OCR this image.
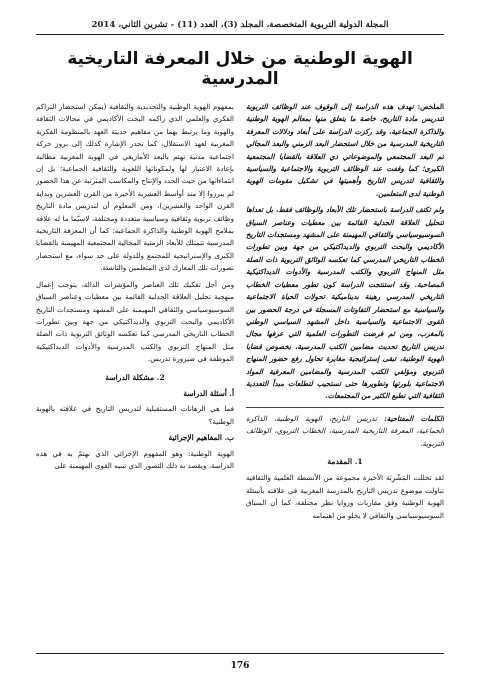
المجلة الدولية التربوية المتخصصة، المجلد (3)، العدد (11) - تشرين الثاني، 2014
الهوية الوطنية من خلال المعرفة التاريخية المدرسية

الملخص: تهدف هذه الدراسة إلى الوقوف عند الوظائف التربوية لتدريس مادة التاريخ، خاصة ما يتعلق منها بمعالم الهوية الوطنية والذاكرة الجماعية، وقد ركزت الدراسة على أبعاد ودلالات المعرفة التاريخية المدرسية من خلال استحضار البعد الزمني والبعد المجالي ثم البعد المجتمعي والموضوعاتي ذي العلاقة بالقضايا المجتمعية الكبرى؛ كما وقفت عند الوظائف التربوية والاجتماعية والسياسية والثقافية لتدريس التاريخ وأهميتها في تشكيل مقومات الهوية الوطنية لدى المتعلمين.

ولم تكتف الدراسة باستحضار تلك الأبعاد والوظائف فقط، بل تعداها لتحليل العلاقة الجدلية القائمة بين معطيات وعناصر السياق السوسيوسياسي والثقافي المهيمنة على المشهد ومستجدات التاريخ الأكاديمي والبحث التربوي والديداكتيكي من جهة وبين تطورات الخطاب التاريخي المدرسي كما تعكسه الوثائق التربوية ذات الصلة مثل المنهاج التربوي والكتب المدرسية والأدوات الديداكتيكية المصاحبة. وقد استنتجت الدراسة كون تطور معطيات الخطاب التاريخي المدرسي رهينة بديناميكية تحولات الحياة الاجتماعية والسياسية مع استحضار التفاوتات المسجلة في درجة الحضور بين القوى الاجتماعية والسياسية داخل المشهد السياسي الوطني بالمغرب، ومن ثم فرضت التطورات العلمية التي عرفها مجال تدريس التاريخ تحديث مضامين الكتب المدرسية، بخصوص قضايا الهوية الوطنية، تبقى إستراتيجية مغايرة تحاول رفع حضور المنهاج التربوي ومؤلفي الكتب المدرسية والمضامين المعرفية المواد الاجتماعية بلورتها وتطويرها حتى تستجيب لتطلعات مبدأ التعددية الثقافية التي تطبع الكثير من المجتمعات.

الكلمات المفتاحية: تدريس التاريخ، الهوية الوطنية، الذاكرة الجماعية، المعرفة التاريخية المدرسية، الخطاب التربوي، الوظائف التربوية.

1. المقدمة

لقد تخللت المَشْرِبَة الأخيرة مجموعة من الأنشطة العلمية والثقافية تناولت موضوع تدريس التاريخ بالمدرسة المغربية في علاقته بأسئلة الهوية الوطنية وفق مقاربات وزوايا نظر مختلفة، كما أن السياق السوسيوسياسي والثقافي لا يخلو من اهتمامه

بمفهوم الهوية الوطنية والتحديدية والثقافية (يمكن استحضار التراكم الفكري والعلمي الذي راكمه البحث الأكاديمي في مجالات الثقافة والهوية وما يرتبط بهما من مفاهيم حديثة العهد بالمنظومة الفكرية المغربية لعهد الاستقلال، كما تجدر الإشارة كذلك إلى بروز حركة اجتماعية مدنية تهتم بالبعد الأمازيغي في الهوية المغربية مطالبة بإعادة الاعتبار لها ولمكوناتها اللغوية والثقافية الجماعية؛ بل إن انتماءاتها من حيث الحدد والإنتاج والمكاسب المترتبة عن هذا الحضور لم يبرزوا إلا منذ أواسط العشرية الأخيرة من القرن العشرين وبداية القرن الواحد والعشرين)، ومن المعلوم أن لتدريس مادة التاريخ وظائف تربوية وثقافية وسياسية متعددة ومختلفة، لاسيّما ما له علاقة بملامح الهوية الوطنية والذاكرة الجماعية؛ كما أن المعرفة التاريخية المدرسية تتمثلك للأبعاد الزمنية المجالية المجتمعية المهيمنة بالقضايا الكبرى والإستراتيجية للمجتمع وللدولة على حد سواء، مع استحضار تصورات تلك المعارك لدى المتعلمين والناشئة.

ومن أجل تفكيك تلك العناصر والمؤشرات الدالة، يتوجب إعمال منهجية تحليل العلاقة الجدلية القائمة بين معطيات وعناصر السياق السوسيوسياسي والثقافي المهيمنة على المشهد ومستجدات التاريخ الأكاديمي والبحث التربوي والديداكتيكي من جهة وبين تطورات الخطاب التاريخي المدرسي كما تعكسه الوثائق التربوية ذات الصلة مثل المنهاج التربوي والكتب المدرسية والأدوات الديداكتيكية الموظفة في صيرورة تدريس.

2. مشكلة الدراسة
أ. أسئلة الدراسة

فما هي الرهانات المستقبلية لتدريس التاريخ في علاقته بالهوية الوطنية؟

ب. المفاهيم الإجرائية

الهوية الوطنية: وهو المفهوم الإجرائي الذي نهتمّ به في هذه الدراسة، ويقصد به ذلك التصور الذي تبنيه القوى المهيمنة على

176
